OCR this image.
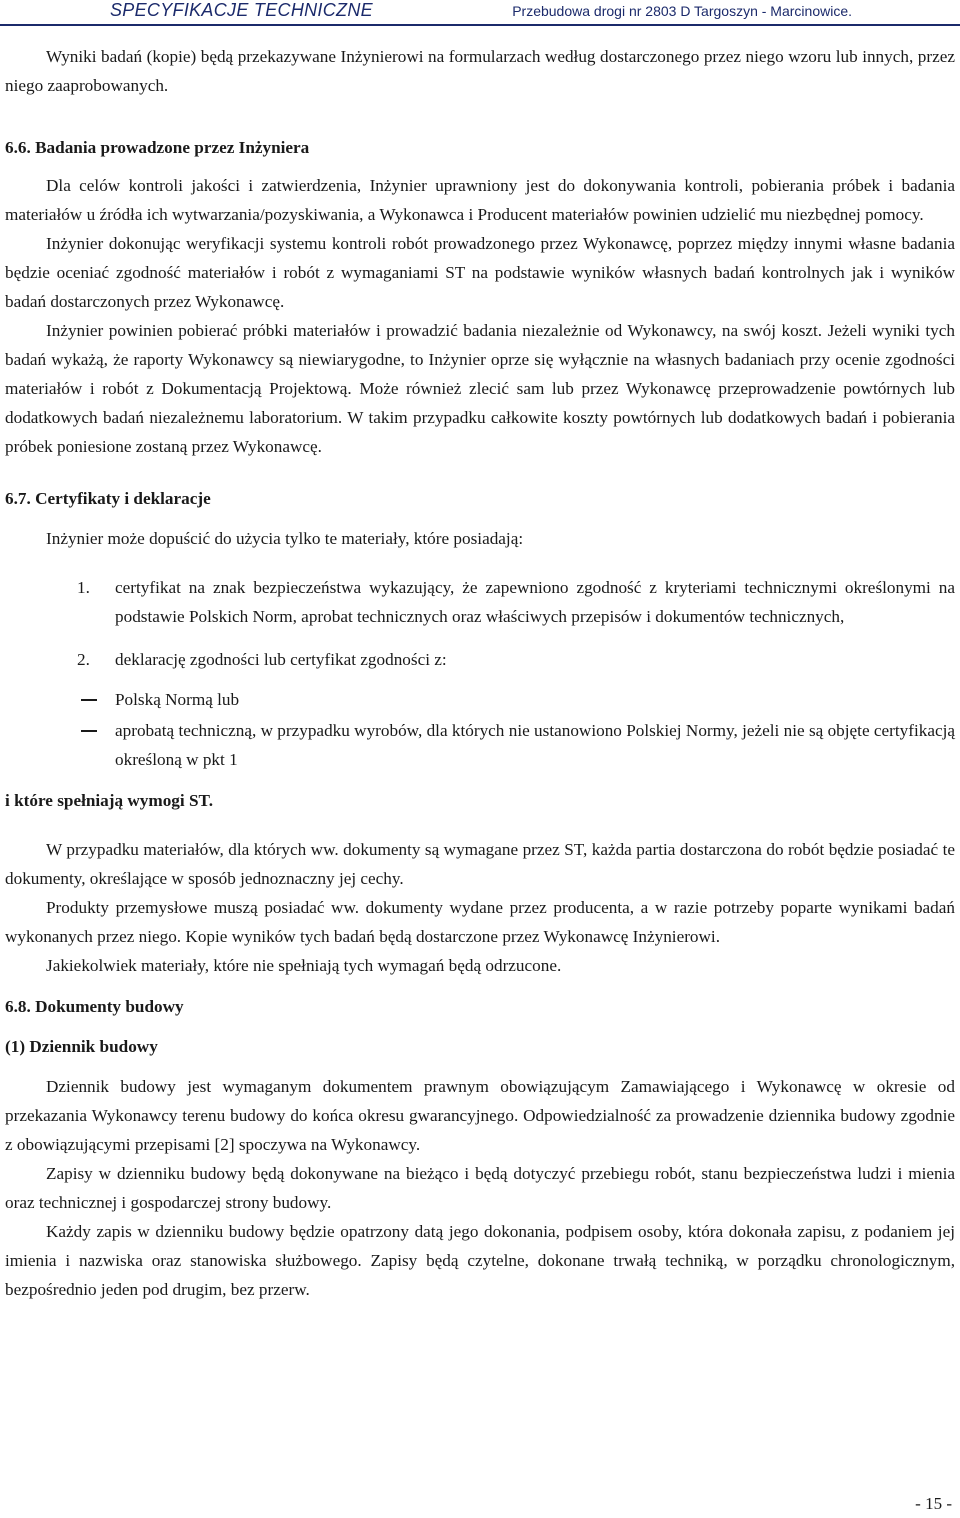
SPECYFIKACJE TECHNICZNE	Przebudowa drogi nr 2803 D Targoszyn - Marcinowice.

Wyniki badań (kopie) będą przekazywane Inżynierowi na formularzach według dostarczonego przez niego wzoru lub innych, przez niego zaaprobowanych.

6.6. Badania prowadzone przez Inżyniera

Dla celów kontroli jakości i zatwierdzenia, Inżynier uprawniony jest do dokonywania kontroli, pobierania próbek i badania materiałów u źródła ich wytwarzania/pozyskiwania, a Wykonawca i Producent materiałów powinien udzielić mu niezbędnej pomocy.

Inżynier dokonując weryfikacji systemu kontroli robót prowadzonego przez Wykonawcę, poprzez między innymi własne badania będzie oceniać zgodność materiałów i robót z wymaganiami ST na podstawie wyników własnych badań kontrolnych jak i wyników badań dostarczonych przez Wykonawcę.

Inżynier powinien pobierać próbki materiałów i prowadzić badania niezależnie od Wykonawcy, na swój koszt. Jeżeli wyniki tych badań wykażą, że raporty Wykonawcy są niewiarygodne, to Inżynier oprze się wyłącznie na własnych badaniach przy ocenie zgodności materiałów i robót z Dokumentacją Projektową. Może również zlecić sam lub przez Wykonawcę przeprowadzenie powtórnych lub dodatkowych badań niezależnemu laboratorium. W takim przypadku całkowite koszty powtórnych lub dodatkowych badań i pobierania próbek poniesione zostaną przez Wykonawcę.

6.7. Certyfikaty i deklaracje

Inżynier może dopuścić do użycia tylko te materiały, które posiadają:

1. certyfikat na znak bezpieczeństwa wykazujący, że zapewniono zgodność z kryteriami technicznymi określonymi na podstawie Polskich Norm, aprobat technicznych oraz właściwych przepisów i dokumentów technicznych,
2. deklarację zgodności lub certyfikat zgodności z:
Polską Normą lub
aprobatą techniczną, w przypadku wyrobów, dla których nie ustanowiono Polskiej Normy, jeżeli nie są objęte certyfikacją określoną w pkt 1

i które spełniają wymogi ST.

W przypadku materiałów, dla których ww. dokumenty są wymagane przez ST, każda partia dostarczona do robót będzie posiadać te dokumenty, określające w sposób jednoznaczny jej cechy.

Produkty przemysłowe muszą posiadać ww. dokumenty wydane przez producenta, a w razie potrzeby poparte wynikami badań wykonanych przez niego. Kopie wyników tych badań będą dostarczone przez Wykonawcę Inżynierowi.

Jakiekolwiek materiały, które nie spełniają tych wymagań będą odrzucone.

6.8. Dokumenty budowy

(1) Dziennik budowy

Dziennik budowy jest wymaganym dokumentem prawnym obowiązującym Zamawiającego i Wykonawcę w okresie od przekazania Wykonawcy terenu budowy do końca okresu gwarancyjnego. Odpowiedzialność za prowadzenie dziennika budowy zgodnie z obowiązującymi przepisami [2] spoczywa na Wykonawcy.

Zapisy w dzienniku budowy będą dokonywane na bieżąco i będą dotyczyć przebiegu robót, stanu bezpieczeństwa ludzi i mienia oraz technicznej i gospodarczej strony budowy.

Każdy zapis w dzienniku budowy będzie opatrzony datą jego dokonania, podpisem osoby, która dokonała zapisu, z podaniem jej imienia i nazwiska oraz stanowiska służbowego. Zapisy będą czytelne, dokonane trwałą techniką, w porządku chronologicznym, bezpośrednio jeden pod drugim, bez przerw.

- 15 -
